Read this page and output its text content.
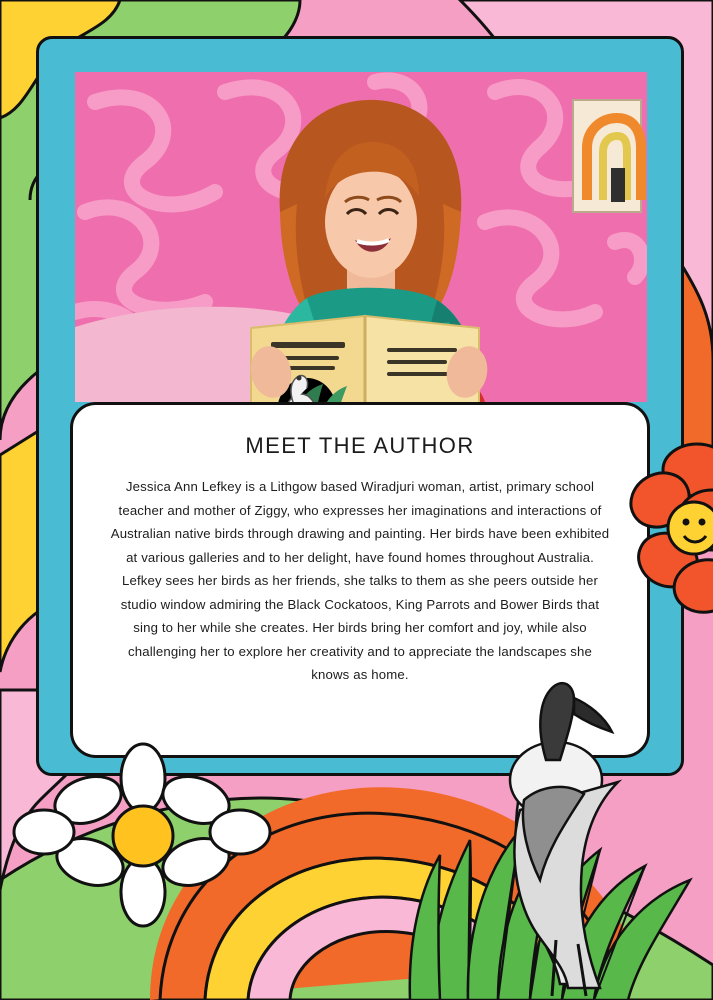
MEET THE AUTHOR

Jessica Ann Lefkey is a Lithgow based Wiradjuri woman, artist, primary school teacher and mother of Ziggy, who expresses her imaginations and interactions of Australian native birds through drawing and painting. Her birds have been exhibited at various galleries and to her delight, have found homes throughout Australia. Lefkey sees her birds as her friends, she talks to them as she peers outside her studio window admiring the Black Cockatoos, King Parrots and Bower Birds that sing to her while she creates. Her birds bring her comfort and joy, while also challenging her to explore her creativity and to appreciate the landscapes she knows as home.
